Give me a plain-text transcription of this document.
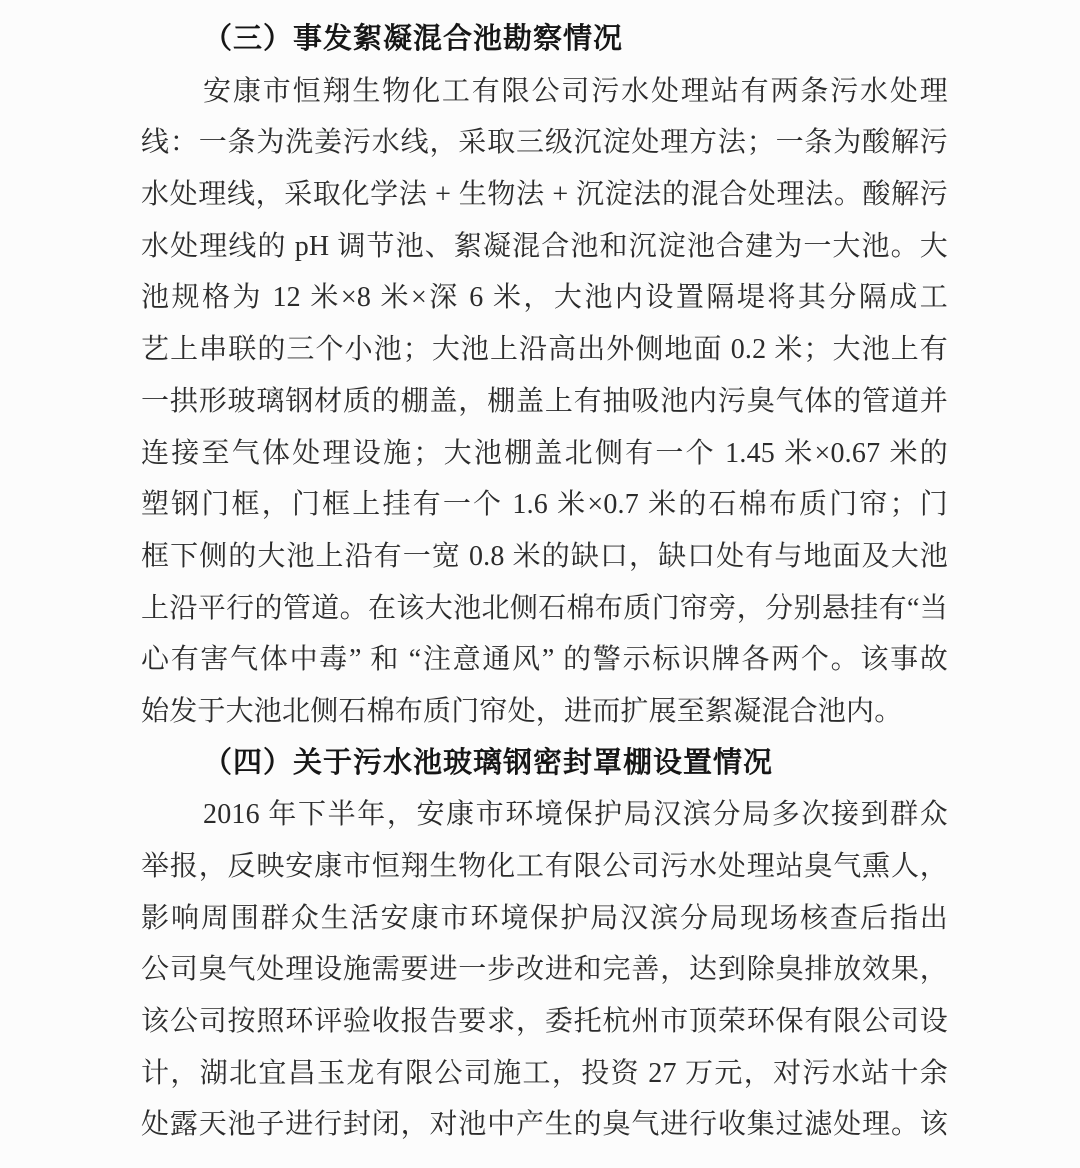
（三）事发絮凝混合池勘察情况
安康市恒翔生物化工有限公司污水处理站有两条污水处理
线：一条为洗姜污水线，采取三级沉淀处理方法；一条为酸解污
水处理线，采取化学法 + 生物法 + 沉淀法的混合处理法。酸解污
水处理线的 pH 调节池、絮凝混合池和沉淀池合建为一大池。大
池规格为 12 米×8 米×深 6 米，大池内设置隔堤将其分隔成工
艺上串联的三个小池；大池上沿高出外侧地面 0.2 米；大池上有
一拱形玻璃钢材质的棚盖，棚盖上有抽吸池内污臭气体的管道并
连接至气体处理设施；大池棚盖北侧有一个 1.45 米×0.67 米的
塑钢门框，门框上挂有一个 1.6 米×0.7 米的石棉布质门帘；门
框下侧的大池上沿有一宽 0.8 米的缺口，缺口处有与地面及大池
上沿平行的管道。在该大池北侧石棉布质门帘旁，分别悬挂有“当
心有害气体中毒” 和 “注意通风” 的警示标识牌各两个。该事故
始发于大池北侧石棉布质门帘处，进而扩展至絮凝混合池内。
（四）关于污水池玻璃钢密封罩棚设置情况
2016 年下半年，安康市环境保护局汉滨分局多次接到群众
举报，反映安康市恒翔生物化工有限公司污水处理站臭气熏人，
影响周围群众生活安康市环境保护局汉滨分局现场核查后指出
公司臭气处理设施需要进一步改进和完善，达到除臭排放效果，
该公司按照环评验收报告要求，委托杭州市顶荣环保有限公司设
计，湖北宜昌玉龙有限公司施工，投资 27 万元，对污水站十余
处露天池子进行封闭，对池中产生的臭气进行收集过滤处理。该
